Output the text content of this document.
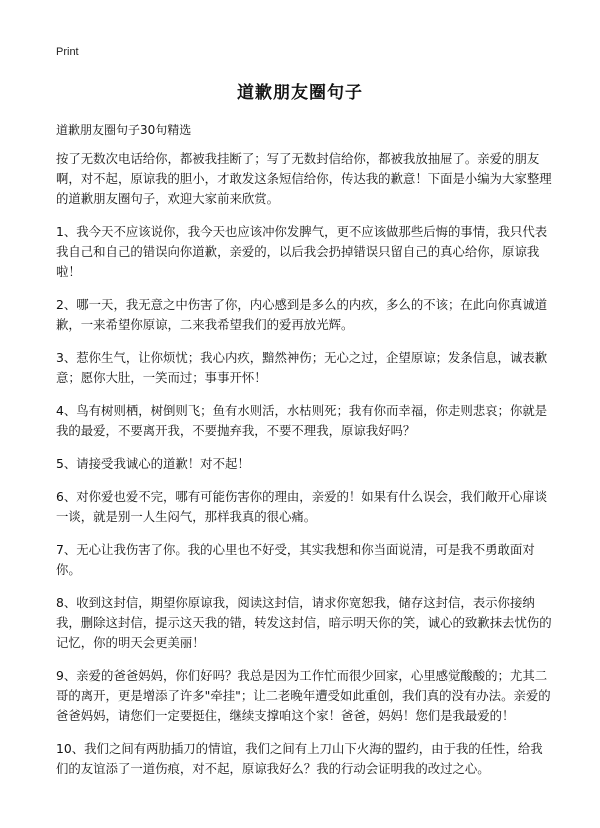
Print
道歉朋友圈句子

道歉朋友圈句子30句精选

按了无数次电话给你，都被我挂断了；写了无数封信给你，都被我放抽屉了。亲爱的朋友啊，对不起，原谅我的胆小，才敢发这条短信给你，传达我的歉意！下面是小编为大家整理的道歉朋友圈句子，欢迎大家前来欣赏。

1、我今天不应该说你，我今天也应该冲你发脾气，更不应该做那些后悔的事情，我只代表我自己和自己的错误向你道歉，亲爱的，以后我会扔掉错误只留自己的真心给你，原谅我啦！

2、哪一天，我无意之中伤害了你，内心感到是多么的内疚，多么的不该；在此向你真诚道歉，一来希望你原谅，二来我希望我们的爱再放光辉。

3、惹你生气，让你烦忧；我心内疚，黯然神伤；无心之过，企望原谅；发条信息，诚表歉意；愿你大肚，一笑而过；事事开怀！

4、鸟有树则栖，树倒则飞；鱼有水则活，水枯则死；我有你而幸福，你走则悲哀；你就是我的最爱，不要离开我，不要抛弃我，不要不理我，原谅我好吗？

5、请接受我诚心的道歉！对不起！

6、对你爱也爱不完，哪有可能伤害你的理由，亲爱的！如果有什么误会，我们敞开心扉谈一谈，就是别一人生闷气，那样我真的很心痛。

7、无心让我伤害了你。我的心里也不好受，其实我想和你当面说清，可是我不勇敢面对你。

8、收到这封信，期望你原谅我，阅读这封信，请求你宽恕我，储存这封信，表示你接纳我，删除这封信，提示这天我的错，转发这封信，暗示明天你的笑，诚心的致歉抹去忧伤的记忆，你的明天会更美丽！

9、亲爱的爸爸妈妈，你们好吗？我总是因为工作忙而很少回家，心里感觉酸酸的；尤其二哥的离开，更是增添了许多"牵挂"；让二老晚年遭受如此重创，我们真的没有办法。亲爱的爸爸妈妈，请您们一定要挺住，继续支撑咱这个家！爸爸，妈妈！您们是我最爱的！

10、我们之间有两肋插刀的情谊，我们之间有上刀山下火海的盟约，由于我的任性，给我们的友谊添了一道伤痕，对不起，原谅我好么？我的行动会证明我的改过之心。
